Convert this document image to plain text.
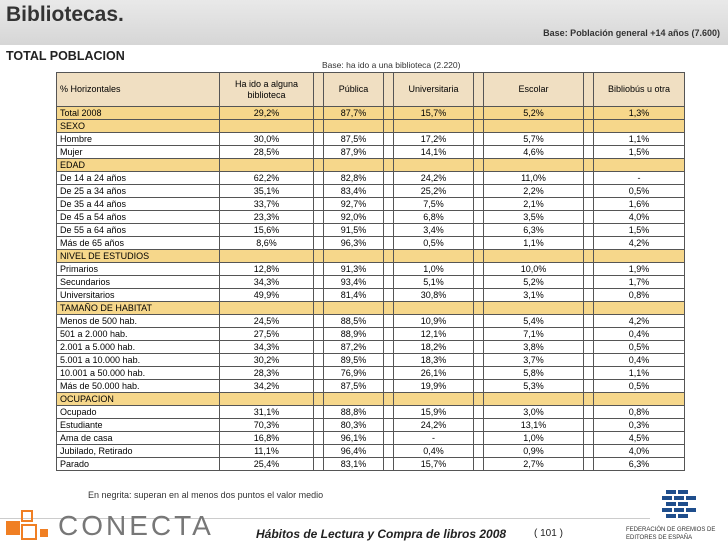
Bibliotecas.
Base: Población general +14 años (7.600)
TOTAL POBLACION
Base: ha ido a una biblioteca (2.220)
% Horizontales	Ha ido a alguna biblioteca		Pública		Universitaria		Escolar		Bibliobús u otra
Total 2008	29,2%		87,7%		15,7%		5,2%		1,3%
SEXO									
Hombre	30,0%		87,5%		17,2%		5,7%		1,1%
Mujer	28,5%		87,9%		14,1%		4,6%		1,5%
EDAD									
De 14 a 24 años	62,2%		82,8%		24,2%		11,0%		-
De 25 a 34 años	35,1%		83,4%		25,2%		2,2%		0,5%
De 35 a 44 años	33,7%		92,7%		7,5%		2,1%		1,6%
De 45 a 54 años	23,3%		92,0%		6,8%		3,5%		4,0%
De 55 a 64 años	15,6%		91,5%		3,4%		6,3%		1,5%
Más de 65 años	8,6%		96,3%		0,5%		1,1%		4,2%
NIVEL DE ESTUDIOS									
Primarios	12,8%		91,3%		1,0%		10,0%		1,9%
Secundarios	34,3%		93,4%		5,1%		5,2%		1,7%
Universitarios	49,9%		81,4%		30,8%		3,1%		0,8%
TAMAÑO DE HABITAT									
Menos de 500 hab.	24,5%		88,5%		10,9%		5,4%		4,2%
501 a 2.000 hab.	27,5%		88,9%		12,1%		7,1%		0,4%
2.001 a 5.000 hab.	34,3%		87,2%		18,2%		3,8%		0,5%
5.001 a 10.000 hab.	30,2%		89,5%		18,3%		3,7%		0,4%
10.001 a 50.000 hab.	28,3%		76,9%		26,1%		5,8%		1,1%
Más de 50.000 hab.	34,2%		87,5%		19,9%		5,3%		0,5%
OCUPACION									
Ocupado	31,1%		88,8%		15,9%		3,0%		0,8%
Estudiante	70,3%		80,3%		24,2%		13,1%		0,3%
Ama de casa	16,8%		96,1%		-		1,0%		4,5%
Jubilado, Retirado	11,1%		96,4%		0,4%		0,9%		4,0%
Parado	25,4%		83,1%		15,7%		2,7%		6,3%
En negrita: superan en al menos dos puntos el valor medio
CONECTA	Hábitos de Lectura y Compra de libros 2008	( 101 )	FEDERACIÓN DE GREMIOS DE EDITORES DE ESPAÑA
